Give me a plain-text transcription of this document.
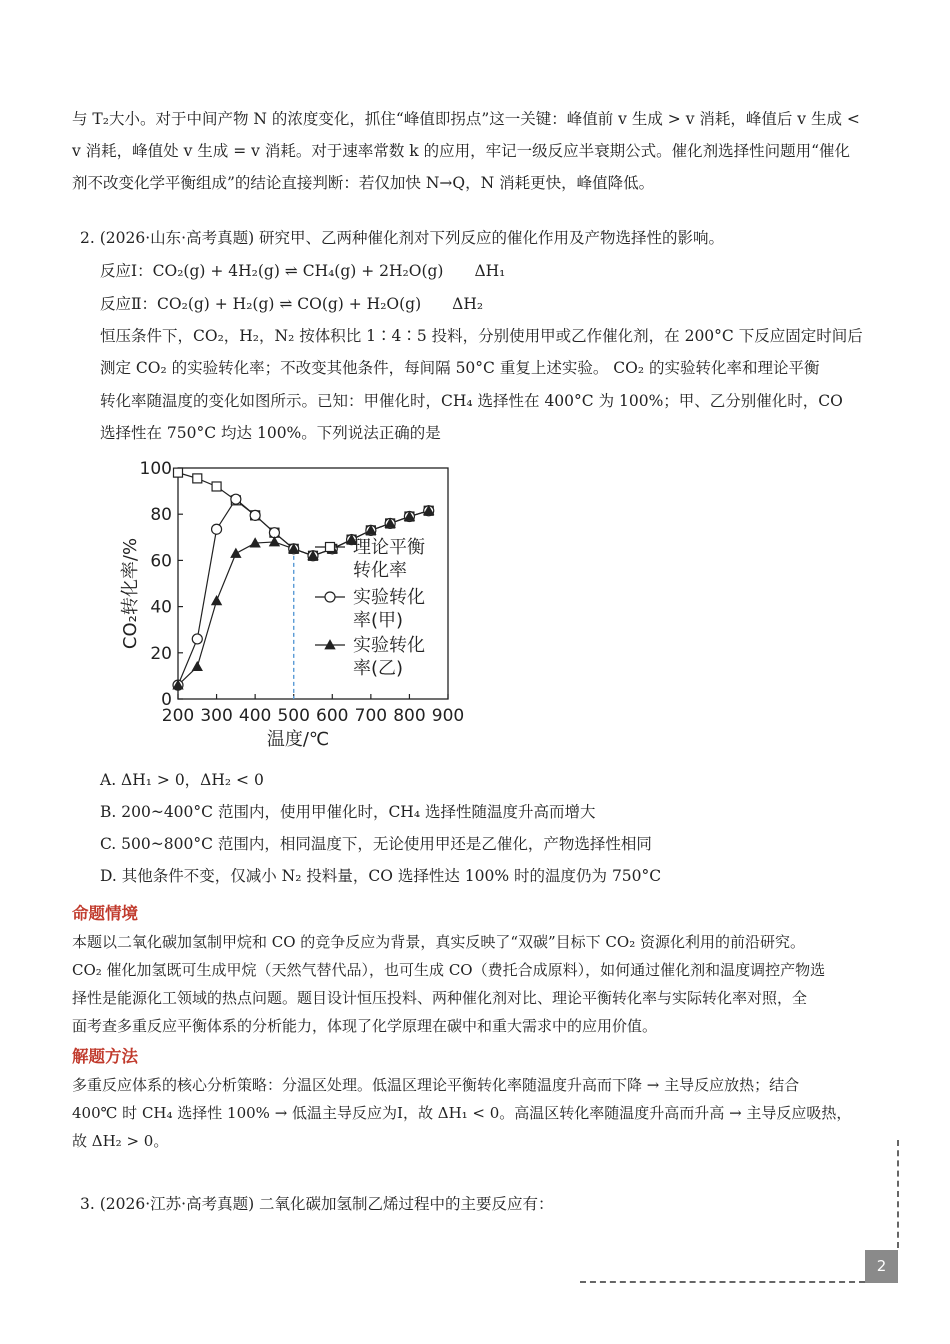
与 T₂大小。对于中间产物 N 的浓度变化，抓住“峰值即拐点”这一关键：峰值前 v 生成 > v 消耗，峰值后 v 生成 <
v 消耗，峰值处 v 生成 = v 消耗。对于速率常数 k 的应用，牢记一级反应半衰期公式。催化剂选择性问题用“催化
剂不改变化学平衡组成”的结论直接判断：若仅加快 N→Q，N 消耗更快，峰值降低。
2. (2026·山东·高考真题) 研究甲、乙两种催化剂对下列反应的催化作用及产物选择性的影响。
反应Ⅰ：CO₂(g) + 4H₂(g) ⇌ CH₄(g) + 2H₂O(g)　　ΔH₁
反应Ⅱ：CO₂(g) + H₂(g) ⇌ CO(g) + H₂O(g)　　ΔH₂
恒压条件下，CO₂，H₂，N₂ 按体积比 1∶4∶5 投料，分别使用甲或乙作催化剂，在 200°C 下反应固定时间后
测定 CO₂ 的实验转化率；不改变其他条件，每间隔 50°C 重复上述实验。 CO₂ 的实验转化率和理论平衡
转化率随温度的变化如图所示。已知：甲催化时，CH₄ 选择性在 400°C 为 100%；甲、乙分别催化时，CO
选择性在 750°C 均达 100%。下列说法正确的是
0
20
40
60
80
100
200 300 400 500 600 700 800 900
温度/℃
CO₂转化率/%	理论平衡
转化率
实验转化
率(甲)
实验转化
率(乙)
A. ΔH₁ > 0，ΔH₂ < 0
B. 200~400°C 范围内，使用甲催化时，CH₄ 选择性随温度升高而增大
C. 500~800°C 范围内，相同温度下，无论使用甲还是乙催化，产物选择性相同
D. 其他条件不变，仅减小 N₂ 投料量，CO 选择性达 100% 时的温度仍为 750°C
命题情境
本题以二氧化碳加氢制甲烷和 CO 的竞争反应为背景，真实反映了“双碳”目标下 CO₂ 资源化利用的前沿研究。
CO₂ 催化加氢既可生成甲烷（天然气替代品），也可生成 CO（费托合成原料），如何通过催化剂和温度调控产物选
择性是能源化工领域的热点问题。题目设计恒压投料、两种催化剂对比、理论平衡转化率与实际转化率对照，全
面考查多重反应平衡体系的分析能力，体现了化学原理在碳中和重大需求中的应用价值。
解题方法
多重反应体系的核心分析策略：分温区处理。低温区理论平衡转化率随温度升高而下降 → 主导反应放热；结合
400℃ 时 CH₄ 选择性 100% → 低温主导反应为I，故 ΔH₁ < 0。高温区转化率随温度升高而升高 → 主导反应吸热，
故 ΔH₂ > 0。
3. (2026·江苏·高考真题) 二氧化碳加氢制乙烯过程中的主要反应有：
2
